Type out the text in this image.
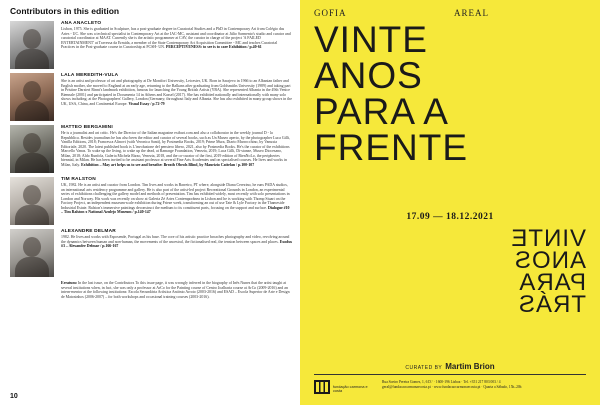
Contributors in this edition
ANA ANACLETO

Lisbon, 1975. She is graduated in Sculpture, has a post-graduate degree in Curatorial Studies and a PhD in Contemporary Art from Colégio das Artes - UC. She was a technical specialist in Contemporary Art at the IAC-MC, assistant and coordinator at Júlio Sarmento's studio and curator and curatorial coordinator at MAAT. Currently she is the artistic programmer at CAV, the curator in charge of the project 'A FAILED ENTERTAINMENT' at Travessa da Ermida, a member of the State Contemporary Art Acquisition Committee - MC and teaches Curatorial Practices in the Post-graduate course in Curatorship at FCSH- UN. PERCEPTIVENESS: to see is to care Exhibition / p.40-61

LALA MEREDITH-VULA

She is an artist and professor of art and photography at De Montfort University, Leicester, UK. Born in Sarajevo in 1966 to an Albanian father and English mother, she moved to England at an early age, returning to the Balkans after graduating from Goldsmiths University (1989) and taking part in Pristine Darsieri Rinnt's landmark exhibition, famous for launching the Young British Artists (YBA). She represented Albania in the 49th Venice Biennale (2001) and participated in Documenta 14 in Athens and Kassel (2017). She has exhibited nationally and internationally with many solo shows including; at the Photographers' Gallery, London (Germany; throughout Italy and Albania. She has also exhibited in many group shows in the UK, USA, China, and Continental Europe. Visual Essay / p.72-79

MATTEO BERGAMINI

He is a journalist and art critic. He's the Director of the Italian magazine exibart.com and also a collaborator in the weekly journal D - la Repubblica. Besides journalism he has also been the editor and curator of several books, such as Un Museo aperto, by the photographer Luca Gilli, Vanilla Editions, 2018; Francesca Alinovi (with Veronica Santi), by Postmedia Books, 2019; Prime Mura, Diario Marrocchino, by Vanuxia Editoriale, 2020. The latest published book is L'involuzione del pensiero libero, 2021, also by Postmedia Books. He's the curator of the exhibitions Marcello Vanas. To wake up the living, to wake up the dead, at Ramarge Foundation, Venezia, 2019; Luca Gilli, Di-stanze, Museo Diocesano, Milan, 2018; Aldo Runfola, Galeria Michela Rizzo, Venezia, 2018, and the co-curator of the first, 2019 edition of BienNoLo, the peripheries biennial, in Milan. He has been invited to be assistant professor at several Fine Arts Academies and on specialised courses. He lives and works in Milan, Italy. Exhibition – May art helps us to see and breathe: Breath Obeols Blind, by Maurizio Cattelan / p.100-107

TIM RALSTON

UK, 1982. He is an artist and curator from London. Tim lives and works in Barreiro, PT where, alongside Diana Cerezino, he runs PADA studios, an international arts residency programme and gallery. He is also part of the artist-led project Recreational Grounds in London, an experimental series of exhibitions challenging the gallery model and methods of presentation. Tim has exhibited widely, most recently with solo presentations in London and Norway. His work was recently on show at Galeria Zé Artes Contemporânea in Lisbon and he is working with Thomp Stuart on the Factory Project, an independent museum-scale exhibition during Frieze week, transforming an out of use Tate & Lyle Factory in the Thameside Industrial Estate. Ralston's immersive paintings deconstruct the medium to its constituent parts, focusing on the support and surface. Dialogue #10 – Tim Ralston x National Azulejo Museum / p.140-147

ALEXANDRE DELMAR

1982. He lives and works with Esposende, Portugal as his base. The core of his artistic practice broaches photography and video, revolving around the dynamics between human and non-human, the movements of the ancestral, the fictionalised real, the tension between spaces and places. Exodus #3 – Alexandre Delmar / p.166-167

Erratum: In the last issue, on the Contributors To this issue page, it was wrongly inferred in the biography of Inês Nunes that the artist taught at several institutions when, in fact, she was only a professor at ArCo for the Painting course of Centro Joalharia course at ArCo (2009-2016) and an intern-mentor at the following institutions: Escola Secundária Artística António Arroio (2003-2016) and ESAD – Escola Superior de Arte e Design de Matosinhos (2006-2007) – for both workshops and occasional training courses (2003-2016).

10
GOFIA	AREAL
VINTE
ANOS
PARA A
FRENTE
17.09 — 18.12.2021
VINTE
ANOS
PARA
TRÁS
CURATED BY Martim Brion
fundação carmona e costa
Rua Soeiro Pereira Gomes, 1, 6 D.º · 1600-196 Lisboa · Tel. +351 217 803 003 / 4
geral@fundacaocarmonaecosta.pt · www.fundacaocarmonaecosta.pt · Quarta a Sábado, 15h–20h
